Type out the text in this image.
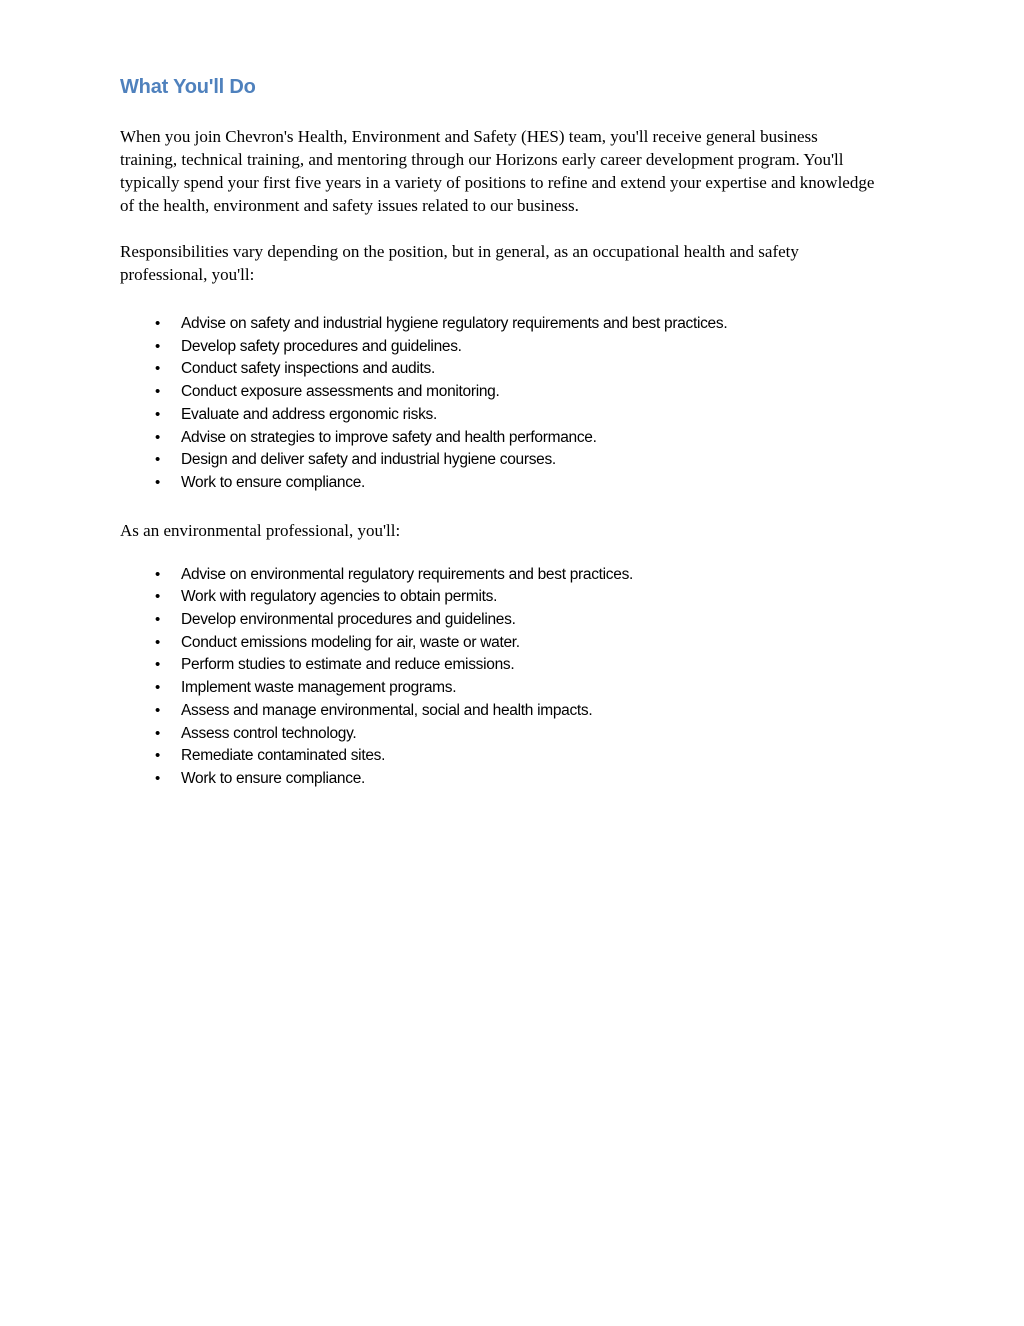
What You'll Do

When you join Chevron's Health, Environment and Safety (HES) team, you'll receive general business training, technical training, and mentoring through our Horizons early career development program. You'll typically spend your first five years in a variety of positions to refine and extend your expertise and knowledge of the health, environment and safety issues related to our business.

Responsibilities vary depending on the position, but in general, as an occupational health and safety professional, you'll:

• Advise on safety and industrial hygiene regulatory requirements and best practices.
• Develop safety procedures and guidelines.
• Conduct safety inspections and audits.
• Conduct exposure assessments and monitoring.
• Evaluate and address ergonomic risks.
• Advise on strategies to improve safety and health performance.
• Design and deliver safety and industrial hygiene courses.
• Work to ensure compliance.

As an environmental professional, you'll:

• Advise on environmental regulatory requirements and best practices.
• Work with regulatory agencies to obtain permits.
• Develop environmental procedures and guidelines.
• Conduct emissions modeling for air, waste or water.
• Perform studies to estimate and reduce emissions.
• Implement waste management programs.
• Assess and manage environmental, social and health impacts.
• Assess control technology.
• Remediate contaminated sites.
• Work to ensure compliance.
